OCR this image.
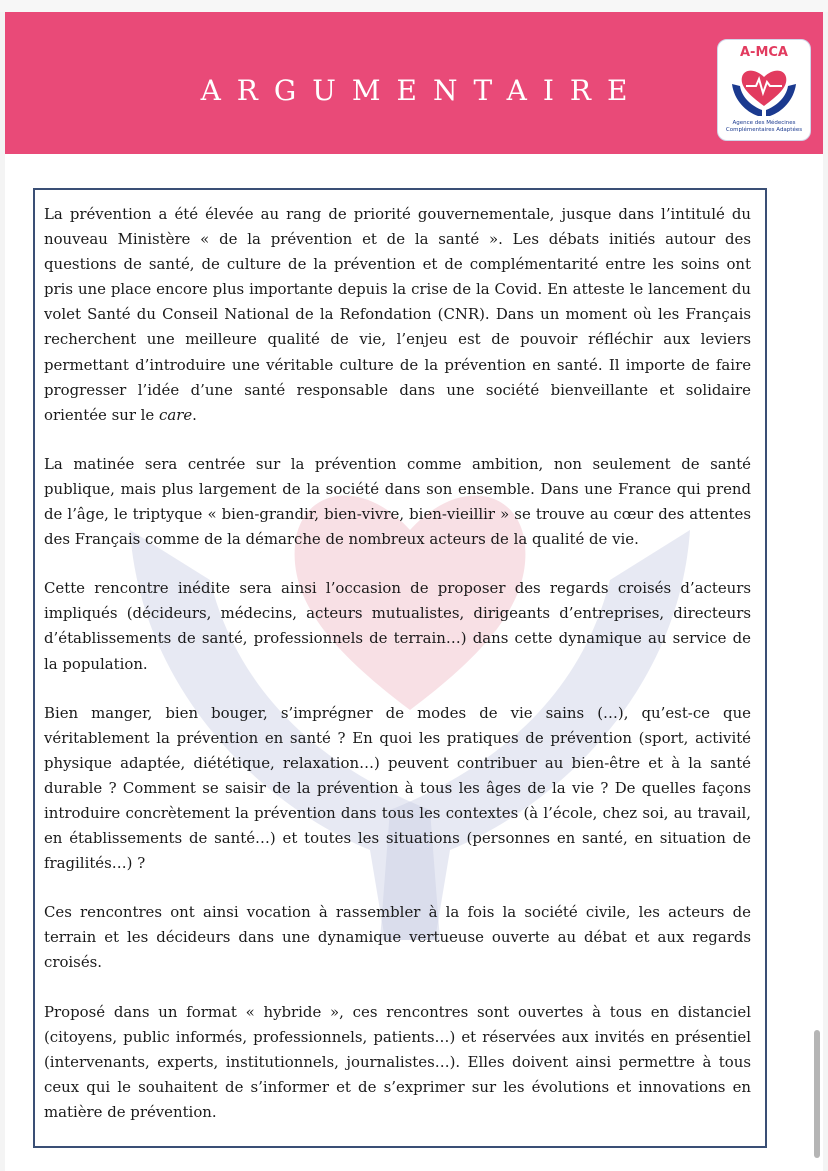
ARGUMENTAIRE
A-MCA
Agence des Médecines Complémentaires Adaptées

La prévention a été élevée au rang de priorité gouvernementale, jusque dans l’intitulé du nouveau Ministère « de la prévention et de la santé ». Les débats initiés autour des questions de santé, de culture de la prévention et de complémentarité entre les soins ont pris une place encore plus importante depuis la crise de la Covid. En atteste le lancement du volet Santé du Conseil National de la Refondation (CNR). Dans un moment où les Français recherchent une meilleure qualité de vie, l’enjeu est de pouvoir réfléchir aux leviers permettant d’introduire une véritable culture de la prévention en santé. Il importe de faire progresser l’idée d’une santé responsable dans une société bienveillante et solidaire orientée sur le care.

La matinée sera centrée sur la prévention comme ambition, non seulement de santé publique, mais plus largement de la société dans son ensemble. Dans une France qui prend de l’âge, le triptyque « bien-grandir, bien-vivre, bien-vieillir » se trouve au cœur des attentes des Français comme de la démarche de nombreux acteurs de la qualité de vie.

Cette rencontre inédite sera ainsi l’occasion de proposer des regards croisés d’acteurs impliqués (décideurs, médecins, acteurs mutualistes, dirigeants d’entreprises, directeurs d’établissements de santé, professionnels de terrain…) dans cette dynamique au service de la population.

Bien manger, bien bouger, s’imprégner de modes de vie sains (…), qu’est-ce que véritablement la prévention en santé ? En quoi les pratiques de prévention (sport, activité physique adaptée, diététique, relaxation…) peuvent contribuer au bien-être et à la santé durable ? Comment se saisir de la prévention à tous les âges de la vie ? De quelles façons introduire concrètement la prévention dans tous les contextes (à l’école, chez soi, au travail, en établissements de santé…) et toutes les situations (personnes en santé, en situation de fragilités…) ?

Ces rencontres ont ainsi vocation à rassembler à la fois la société civile, les acteurs de terrain et les décideurs dans une dynamique vertueuse ouverte au débat et aux regards croisés.

Proposé dans un format « hybride », ces rencontres sont ouvertes à tous en distanciel (citoyens, public informés, professionnels, patients…) et réservées aux invités en présentiel (intervenants, experts, institutionnels, journalistes…). Elles doivent ainsi permettre à tous ceux qui le souhaitent de s’informer et de s’exprimer sur les évolutions et innovations en matière de prévention.
